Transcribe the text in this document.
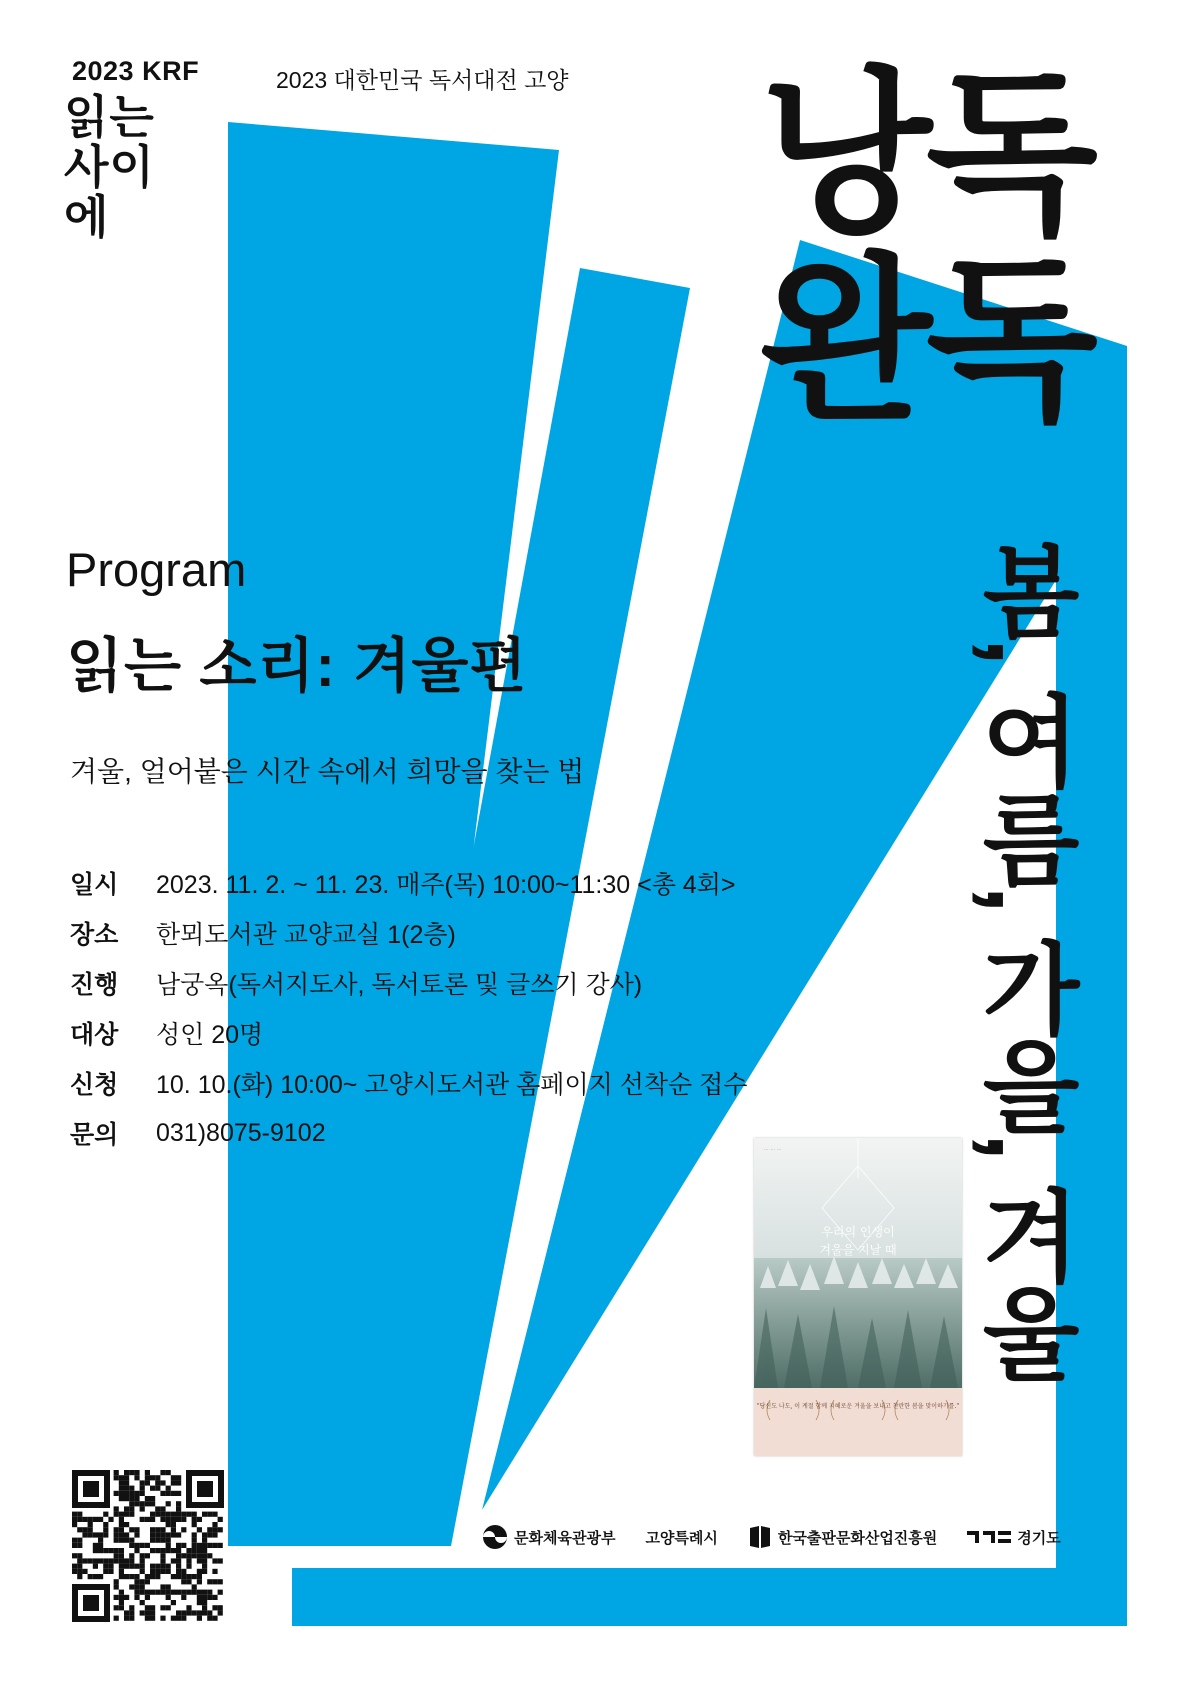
2023 KRF
읽는 사이에
2023 대한민국 독서대전 고양 낭독
완독
봄, 여름, 가을, 겨울
Program
읽는 소리: 겨울편
겨울, 얼어붙은 시간 속에서 희망을 찾는 법
일시	2023. 11. 2. ~ 11. 23. 매주(목) 10:00~11:30 <총 4회>
장소	한뫼도서관 교양교실 1(2층)
진행	남궁옥(독서지도사, 독서토론 및 글쓰기 강사)
대상	성인 20명
신청	10. 10.(화) 10:00~ 고양시도서관 홈페이지 선착순 접수
문의	031)8075-9102
··· ··· ···
우리의 인생이
겨울을 지날 때
"당신도 나도, 이 계절 함께 지혜로운 겨울을 보내고 찬란한 봄을 맞이하기를."
문화체육관광부 고양특례시	한국출판문화산업진흥원	경기도
